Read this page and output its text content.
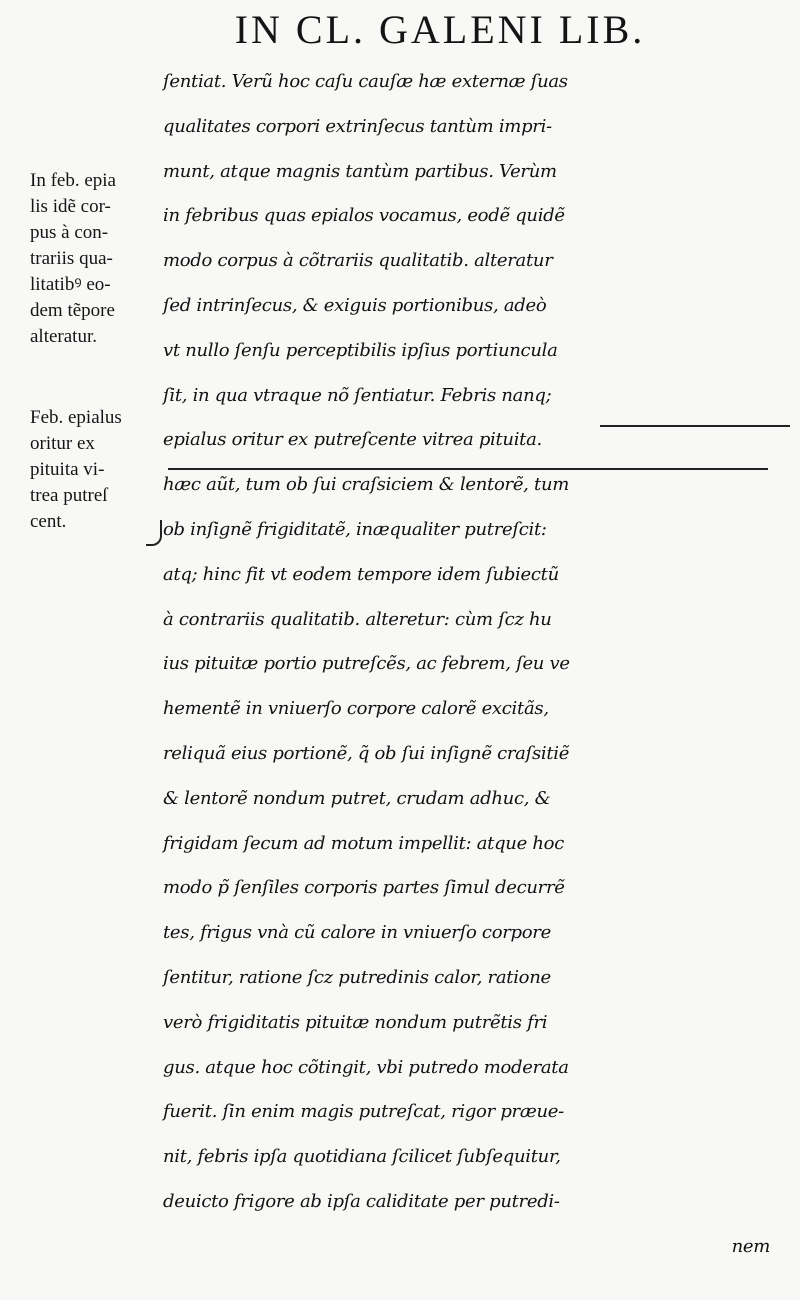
IN CL. GALENI LIB.
ſentiat. Verũ hoc caſu cauſæ hæ externæ ſuas
qualitates corpori extrinſecus tantùm impri-
munt, atque magnis tantùm partibus. Verùm
in febribus quas epialos vocamus, eodẽ quidẽ
modo corpus à cõtrariis qualitatib. alteratur
ſed intrinſecus, & exiguis portionibus, adeò
vt nullo ſenſu perceptibilis ipſius portiuncula
ſit, in qua vtraque nõ ſentiatur. Febris nanq;
epialus oritur ex putreſcente vitrea pituita.
hæc aũt, tum ob ſui craſsiciem & lentorẽ, tum
ob inſignẽ frigiditatẽ, inæqualiter putreſcit:
atq; hinc fit vt eodem tempore idem ſubiectũ
à contrariis qualitatib. alteretur: cùm ſcz hu
ius pituitæ portio putreſcẽs, ac febrem, ſeu ve
hementẽ in vniuerſo corpore calorẽ excitãs,
reliquã eius portionẽ, q̃ ob ſui inſignẽ craſsitiẽ
& lentorẽ nondum putret, crudam adhuc, &
frigidam ſecum ad motum impellit: atque hoc
modo p̃ ſenſiles corporis partes ſimul decurrẽ
tes, frigus vnà cũ calore in vniuerſo corpore
ſentitur, ratione ſcz putredinis calor, ratione
verò frigiditatis pituitæ nondum putrẽtis fri
gus. atque hoc cõtingit, vbi putredo moderata
fuerit. ſin enim magis putreſcat, rigor præue-
nit, febris ipſa quotidiana ſcilicet ſubſequitur,
deuicto frigore ab ipſa caliditate per putredi-
nem
In feb. epia
lis idẽ cor-
pus à con-
trariis qua-
litatibꝰ eo-
dem tẽpore
alteratur.
Feb. epialus
oritur ex
pituita vi-
trea putreſ
cent.
